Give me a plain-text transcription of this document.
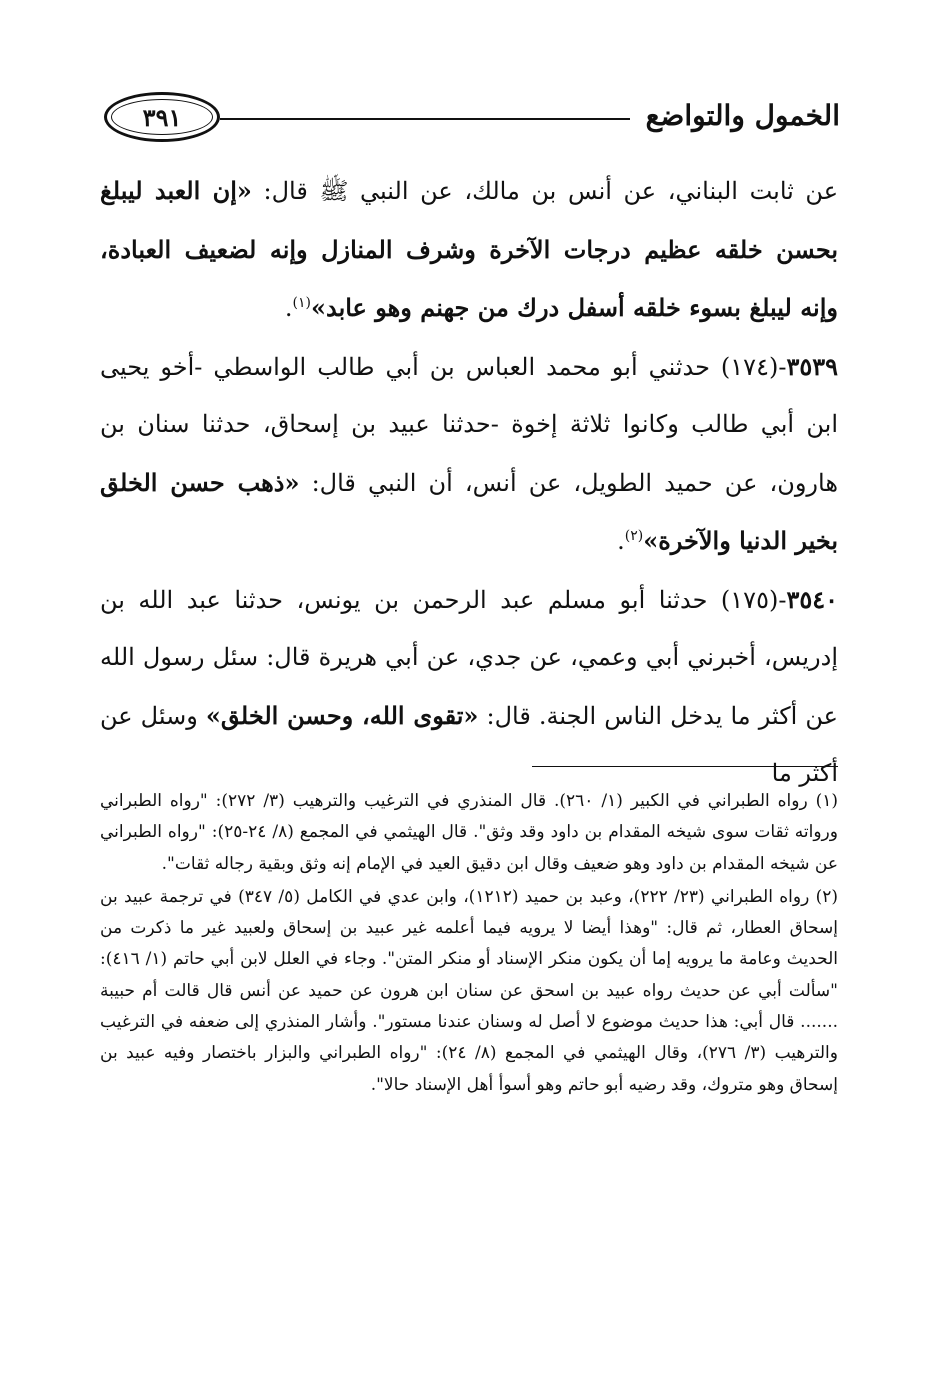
الخمول والتواضع
٣٩١

عن ثابت البناني، عن أنس بن مالك، عن النبي ﷺ قال: «إن العبد ليبلغ بحسن خلقه عظيم درجات الآخرة وشرف المنازل وإنه لضعيف العبادة، وإنه ليبلغ بسوء خلقه أسفل درك من جهنم وهو عابد»$^{(١)}$.

٣٥٣٩-(١٧٤) حدثني أبو محمد العباس بن أبي طالب الواسطي -أخو يحيى ابن أبي طالب وكانوا ثلاثة إخوة -حدثنا عبيد بن إسحاق، حدثنا سنان بن هارون، عن حميد الطويل، عن أنس، أن النبي قال: «ذهب حسن الخلق بخير الدنيا والآخرة»$^{(٢)}$.

٣٥٤٠-(١٧٥) حدثنا أبو مسلم عبد الرحمن بن يونس، حدثنا عبد الله بن إدريس، أخبرني أبي وعمي، عن جدي، عن أبي هريرة قال: سئل رسول الله عن أكثر ما يدخل الناس الجنة. قال: «تقوى الله، وحسن الخلق» وسئل عن أكثر ما

(١) رواه الطبراني في الكبير (١/ ٢٦٠). قال المنذري في الترغيب والترهيب (٣/ ٢٧٢): "رواه الطبراني ورواته ثقات سوى شيخه المقدام بن داود وقد وثق". قال الهيثمي في المجمع (٨/ ٢٤-٢٥): "رواه الطبراني عن شيخه المقدام بن داود وهو ضعيف وقال ابن دقيق العيد في الإمام إنه وثق وبقية رجاله ثقات".

(٢) رواه الطبراني (٢٣/ ٢٢٢)، وعبد بن حميد (١٢١٢)، وابن عدي في الكامل (٥/ ٣٤٧) في ترجمة عبيد بن إسحاق العطار، ثم قال: "وهذا أيضا لا يرويه فيما أعلمه غير عبيد بن إسحاق ولعبيد غير ما ذكرت من الحديث وعامة ما يرويه إما أن يكون منكر الإسناد أو منكر المتن". وجاء في العلل لابن أبي حاتم (١/ ٤١٦): "سألت أبي عن حديث رواه عبيد بن اسحق عن سنان ابن هرون عن حميد عن أنس قال قالت أم حبيبة ....... قال أبي: هذا حديث موضوع لا أصل له وسنان عندنا مستور". وأشار المنذري إلى ضعفه في الترغيب والترهيب (٣/ ٢٧٦)، وقال الهيثمي في المجمع (٨/ ٢٤): "رواه الطبراني والبزار باختصار وفيه عبيد بن إسحاق وهو متروك، وقد رضيه أبو حاتم وهو أسوأ أهل الإسناد حالا".
